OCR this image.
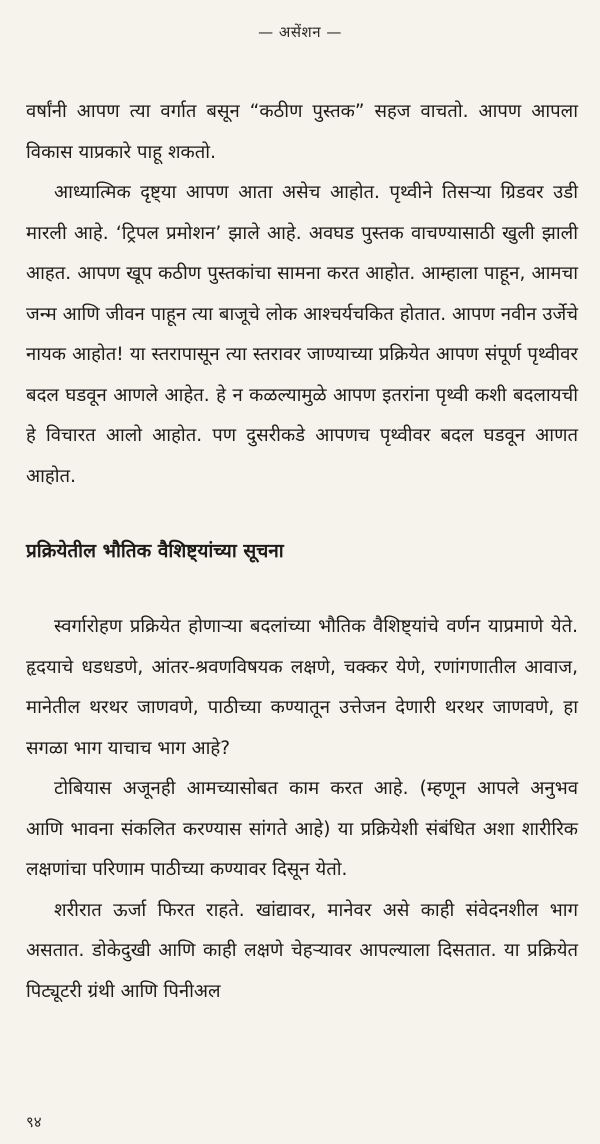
— असेंशन —

वर्षांनी आपण त्या वर्गात बसून “कठीण पुस्तक” सहज वाचतो. आपण आपला विकास याप्रकारे पाहू शकतो.

आध्यात्मिक दृष्ट्या आपण आता असेच आहोत. पृथ्वीने तिसऱ्या ग्रिडवर उडी मारली आहे. ‘ट्रिपल प्रमोशन’ झाले आहे. अवघड पुस्तक वाचण्यासाठी खुली झाली आहत. आपण खूप कठीण पुस्तकांचा सामना करत आहोत. आम्हाला पाहून, आमचा जन्म आणि जीवन पाहून त्या बाजूचे लोक आश्चर्यचकित होतात. आपण नवीन उर्जेचे नायक आहोत! या स्तरापासून त्या स्तरावर जाण्याच्या प्रक्रियेत आपण संपूर्ण पृथ्वीवर बदल घडवून आणले आहेत. हे न कळल्यामुळे आपण इतरांना पृथ्वी कशी बदलायची हे विचारत आलो आहोत. पण दुसरीकडे आपणच पृथ्वीवर बदल घडवून आणत आहोत.

प्रक्रियेतील भौतिक वैशिष्ट्यांच्या सूचना

स्वर्गारोहण प्रक्रियेत होणाऱ्या बदलांच्या भौतिक वैशिष्ट्यांचे वर्णन याप्रमाणे येते. हृदयाचे धडधडणे, आंतर-श्रवणविषयक लक्षणे, चक्कर येणे, रणांगणातील आवाज, मानेतील थरथर जाणवणे, पाठीच्या कण्यातून उत्तेजन देणारी थरथर जाणवणे, हा सगळा भाग याचाच भाग आहे?

टोबियास अजूनही आमच्यासोबत काम करत आहे. (म्हणून आपले अनुभव आणि भावना संकलित करण्यास सांगते आहे) या प्रक्रियेशी संबंधित अशा शारीरिक लक्षणांचा परिणाम पाठीच्या कण्यावर दिसून येतो.

शरीरात ऊर्जा फिरत राहते. खांद्यावर, मानेवर असे काही संवेदनशील भाग असतात. डोकेदुखी आणि काही लक्षणे चेहऱ्यावर आपल्याला दिसतात. या प्रक्रियेत पिट्यूटरी ग्रंथी आणि पिनीअल

९४
